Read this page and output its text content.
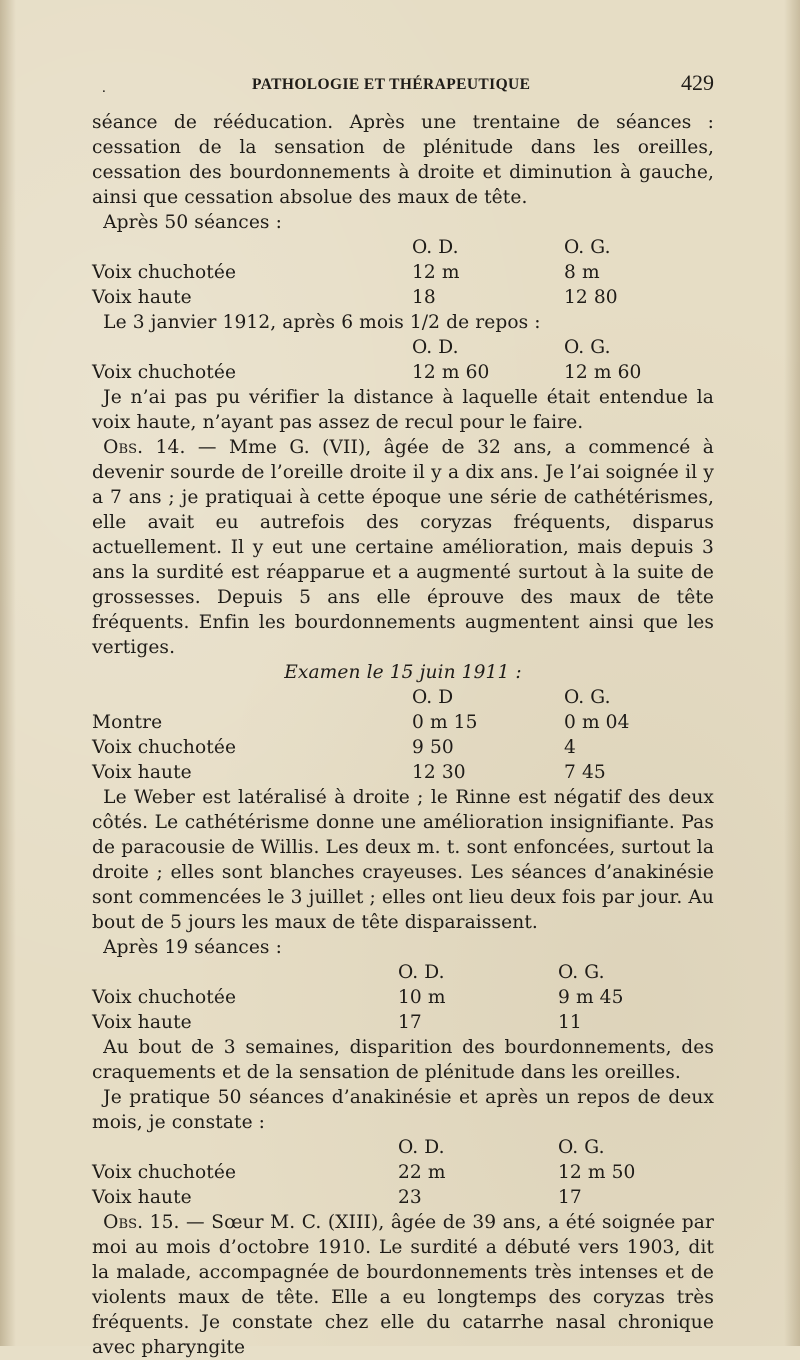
.	PATHOLOGIE ET THÉRAPEUTIQUE	429

séance de rééducation. Après une trentaine de séances : cessation de la sensation de plénitude dans les oreilles, cessation des bourdonnements à droite et diminution à gauche, ainsi que cessation absolue des maux de tête.

Après 50 séances :

O. D.	O. G.
Voix chuchotée	12 m	8 m
Voix haute	18	12 80

Le 3 janvier 1912, après 6 mois 1/2 de repos :

O. D.	O. G.
Voix chuchotée	12 m 60	12 m 60

Je n’ai pas pu vérifier la distance à laquelle était entendue la voix haute, n’ayant pas assez de recul pour le faire.

Obs. 14. — Mme G. (VII), âgée de 32 ans, a commencé à devenir sourde de l’oreille droite il y a dix ans. Je l’ai soignée il y a 7 ans ; je pratiquai à cette époque une série de cathétérismes, elle avait eu autrefois des coryzas fréquents, disparus actuellement. Il y eut une certaine amélioration, mais depuis 3 ans la surdité est réapparue et a augmenté surtout à la suite de grossesses. Depuis 5 ans elle éprouve des maux de tête fréquents. Enfin les bourdonnements augmentent ainsi que les vertiges.

Examen le 15 juin 1911 :

O. D	O. G.
Montre	0 m 15	0 m 04
Voix chuchotée	9 50	4
Voix haute	12 30	7 45

Le Weber est latéralisé à droite ; le Rinne est négatif des deux côtés. Le cathétérisme donne une amélioration insignifiante. Pas de paracousie de Willis. Les deux m. t. sont enfoncées, surtout la droite ; elles sont blanches crayeuses. Les séances d’anakinésie sont commencées le 3 juillet ; elles ont lieu deux fois par jour. Au bout de 5 jours les maux de tête disparaissent.

Après 19 séances :

O. D.	O. G.
Voix chuchotée	10 m	9 m 45
Voix haute	17	11

Au bout de 3 semaines, disparition des bourdonnements, des craquements et de la sensation de plénitude dans les oreilles.

Je pratique 50 séances d’anakinésie et après un repos de deux mois, je constate :

O. D.	O. G.
Voix chuchotée	22 m	12 m 50
Voix haute	23	17

Obs. 15. — Sœur M. C. (XIII), âgée de 39 ans, a été soignée par moi au mois d’octobre 1910. Le surdité a débuté vers 1903, dit la malade, accompagnée de bourdonnements très intenses et de violents maux de tête. Elle a eu longtemps des coryzas très fréquents. Je constate chez elle du catarrhe nasal chronique avec pharyngite
